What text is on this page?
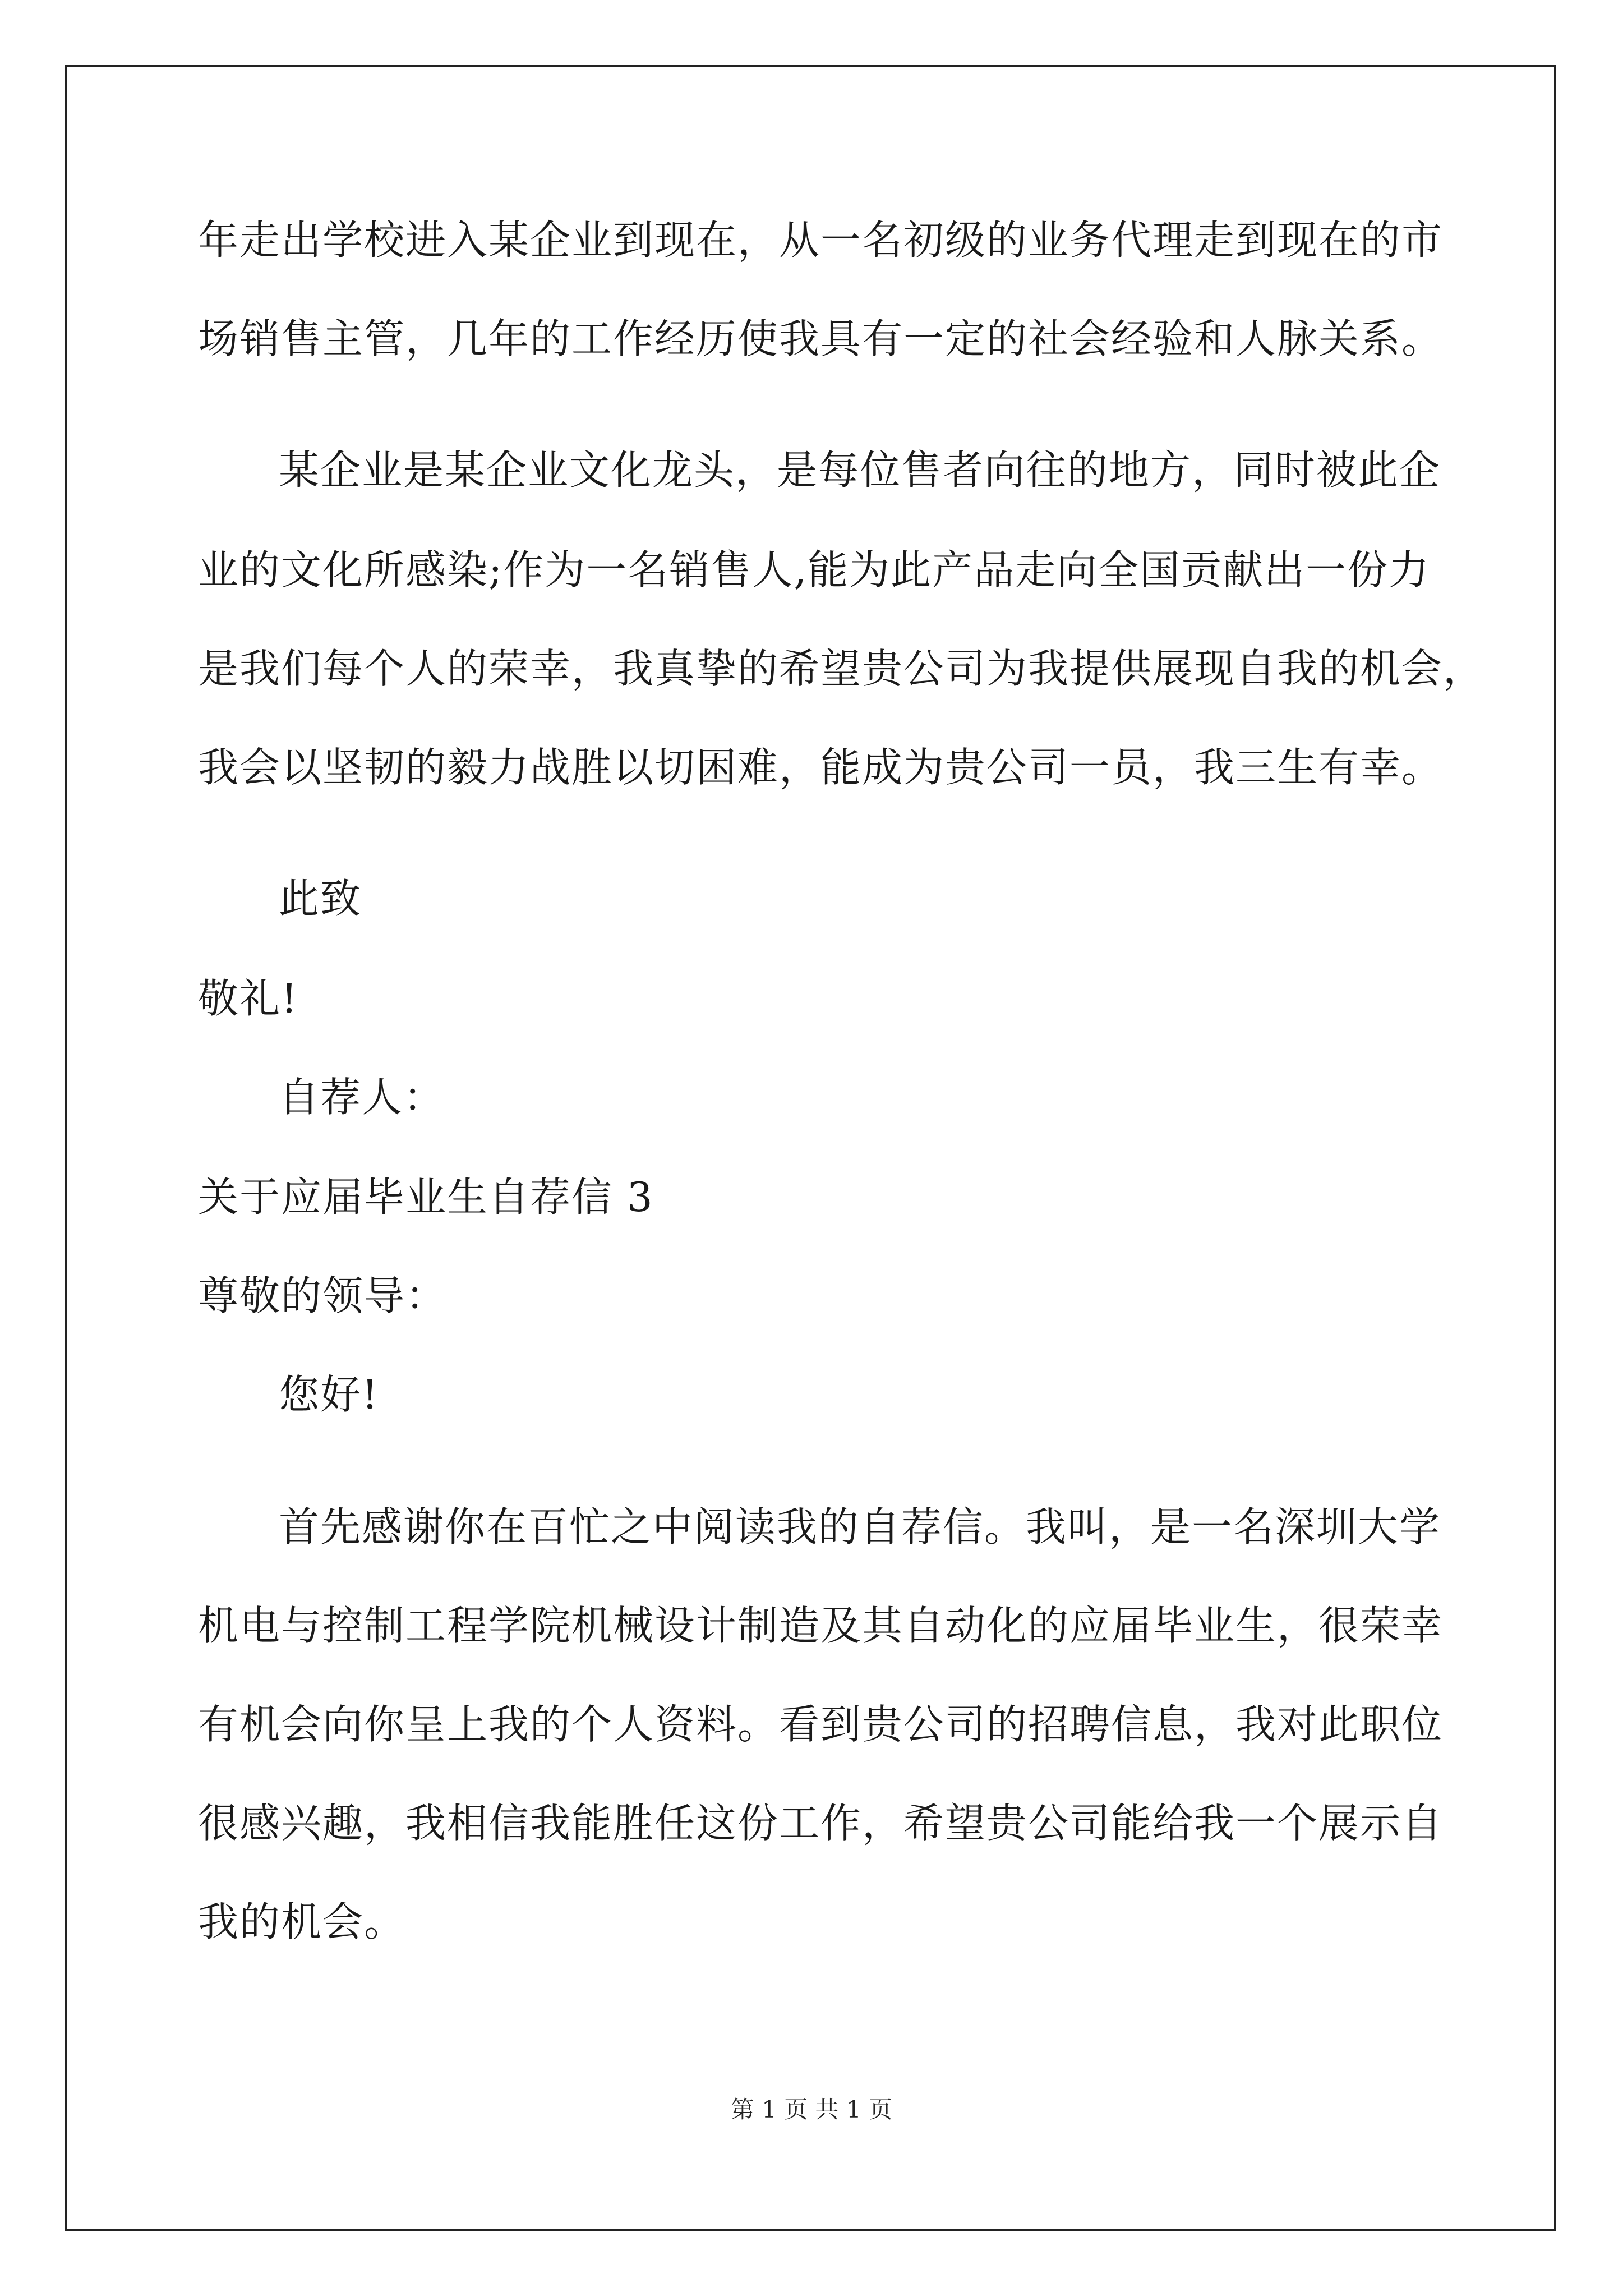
年走出学校进入某企业到现在，从一名初级的业务代理走到现在的市
场销售主管，几年的工作经历使我具有一定的社会经验和人脉关系。
某企业是某企业文化龙头，是每位售者向往的地方，同时被此企
业的文化所感染;作为一名销售人,能为此产品走向全国贡献出一份力
是我们每个人的荣幸，我真挚的希望贵公司为我提供展现自我的机会，
我会以坚韧的毅力战胜以切困难，能成为贵公司一员，我三生有幸。
此致
敬礼!
自荐人：
关于应届毕业生自荐信 3
尊敬的领导：
您好!
首先感谢你在百忙之中阅读我的自荐信。我叫，是一名深圳大学
机电与控制工程学院机械设计制造及其自动化的应届毕业生，很荣幸
有机会向你呈上我的个人资料。看到贵公司的招聘信息，我对此职位
很感兴趣，我相信我能胜任这份工作，希望贵公司能给我一个展示自
我的机会。
第 1 页 共 1 页
